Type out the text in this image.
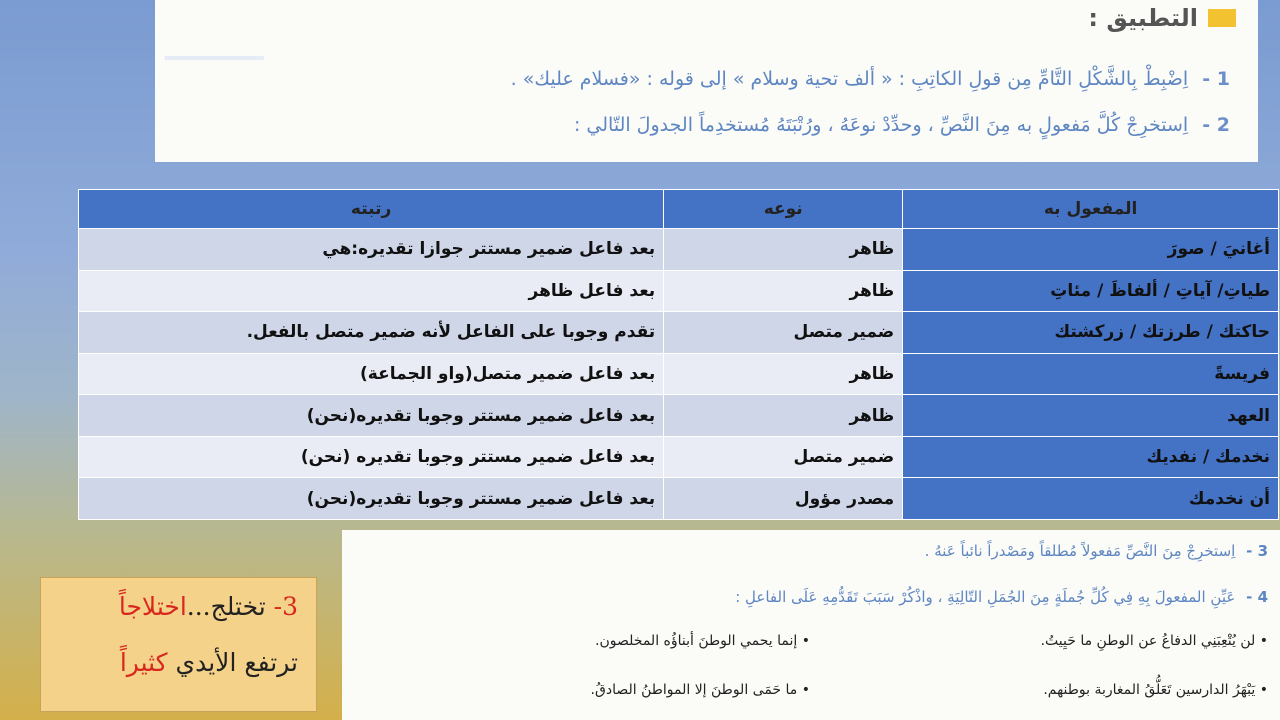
ـــــــــ
التطبيق :
1 - اِضْبِطْ بِالشَّكْلِ التَّامِّ مِن قولِ الكاتِبِ : « ألف تحية وسلام » إلى قوله : «فسلام عليك» .
2 - اِستخرِجْ كُلَّ مَفعولٍ به مِنَ النَّصِّ ، وحدِّدْ نوعَهُ ، ورُتْبَتَهُ مُستخدِماً الجدولَ التّالي :
المفعول به	نوعه	رتبته
أغانيَ / صورَ	ظاهر	بعد فاعل ضمير مستتر جوازا تقديره:هي
طياتِ/ آياتِ / ألفاظَ / مئاتِ	ظاهر	بعد فاعل ظاهر
حاكتك / طرزتك / زركشتك	ضمير متصل	تقدم وجوبا على الفاعل لأنه ضمير متصل بالفعل.
فريسةً	ظاهر	بعد فاعل ضمير متصل(واو الجماعة)
العهد	ظاهر	بعد فاعل ضمير مستتر وجوبا تقديره(نحن)
نخدمك / نفديك	ضمير متصل	بعد فاعل ضمير مستتر وجوبا تقديره (نحن)
أن نخدمك	مصدر مؤول	بعد فاعل ضمير مستتر وجوبا تقديره(نحن)
3 - اِستخرِجْ مِنَ النَّصِّ مَفعولاً مُطلقاً ومَصْدراً نائباً عَنهُ .
4 - عَيِّنِ المفعولَ بِهِ فِي كُلِّ جُملَةٍ مِنَ الجُمَلِ التّالِيَةِ ، واذْكُرْ سَبَبَ تَقَدُّمِهِ عَلَى الفاعلِ :
• لن يُتْعِبَنِي الدفاعُ عن الوطنِ ما حَيِيتُ.
• إنما يحمي الوطنَ أبناؤُه المخلصون.
• يَبْهَرُ الدارسين تَعَلُّقُ المغاربة بوطنهم.
• ما حَمَى الوطنَ إلا المواطنُ الصادقُ.
3- تختلج...اختلاجاً
ترتفع الأيدي كثيراً
